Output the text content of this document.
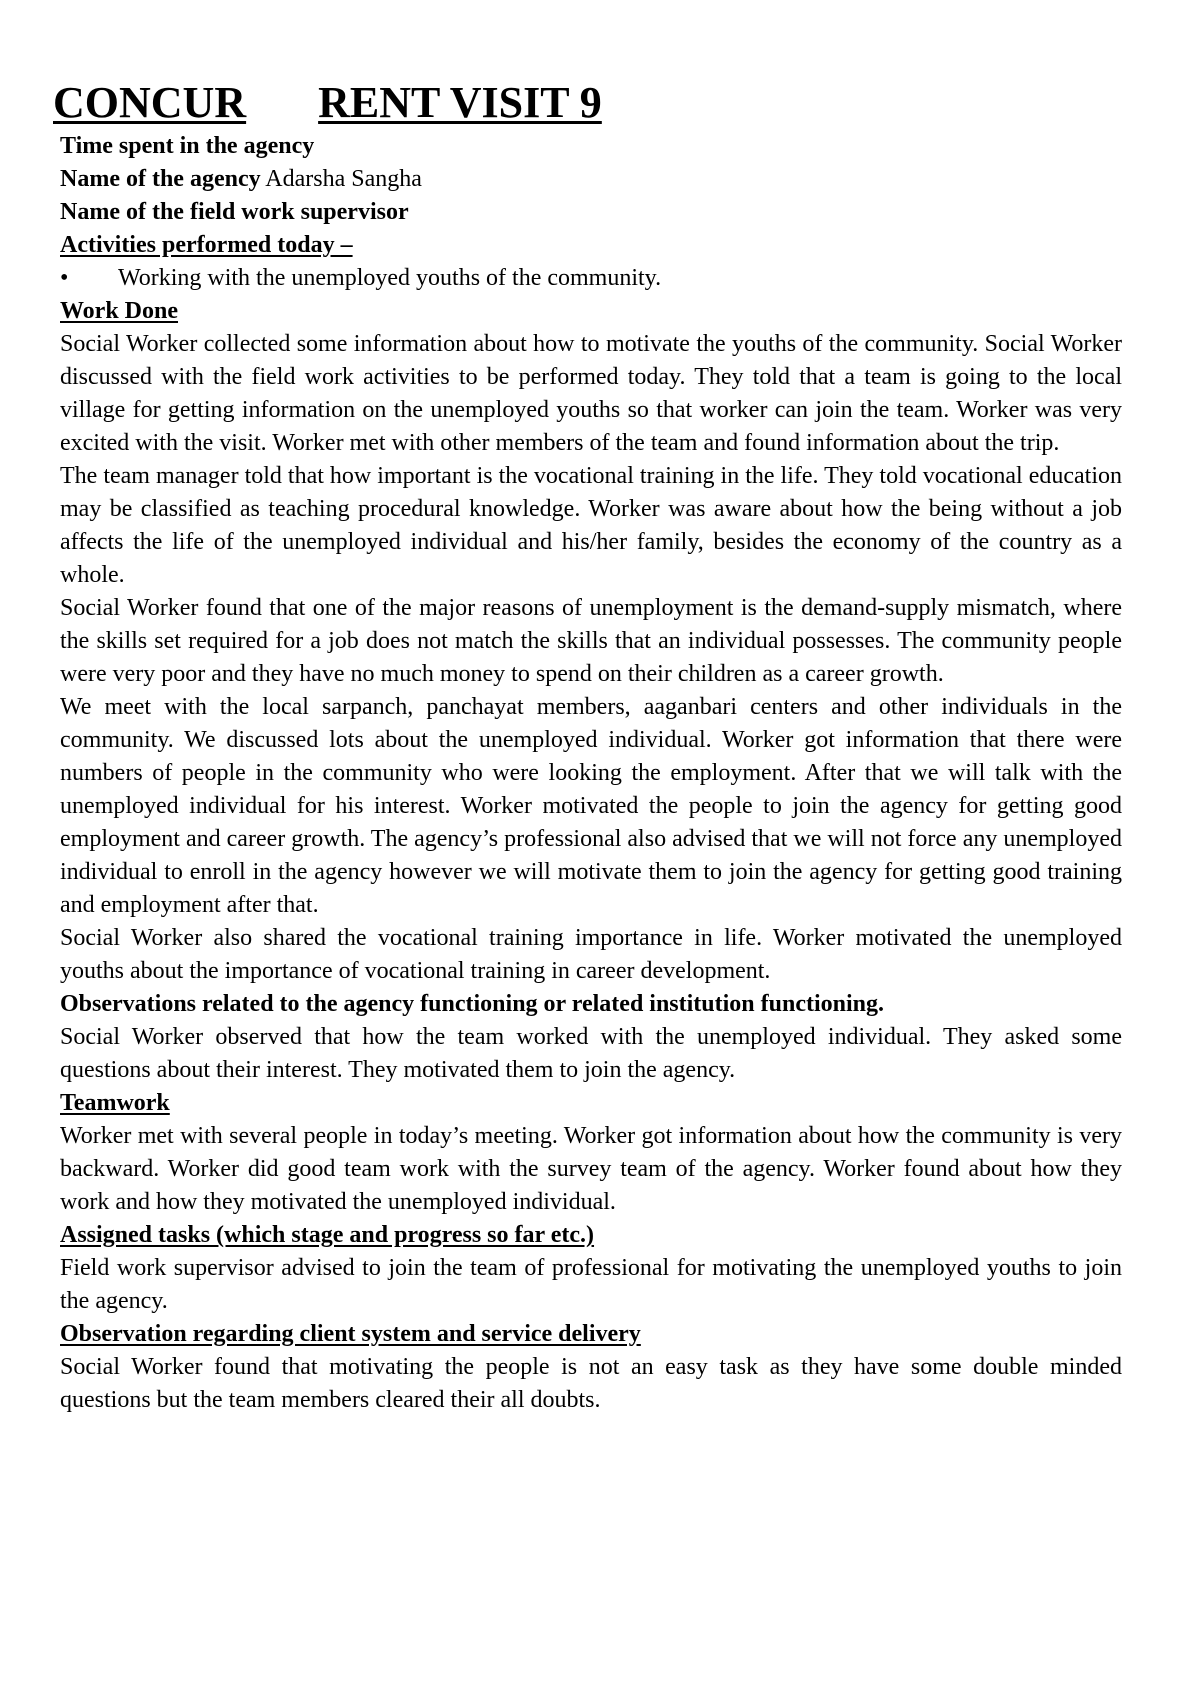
CONCUR RENT VISIT 9

Time spent in the agency

Name of the agency Adarsha Sangha

Name of the field work supervisor

Activities performed today –

•	Working with the unemployed youths of the community.

Work Done

Social Worker collected some information about how to motivate the youths of the community. Social Worker discussed with the field work activities to be performed today. They told that a team is going to the local village for getting information on the unemployed youths so that worker can join the team. Worker was very excited with the visit. Worker met with other members of the team and found information about the trip.

The team manager told that how important is the vocational training in the life. They told vocational education may be classified as teaching procedural knowledge. Worker was aware about how the being without a job affects the life of the unemployed individual and his/her family, besides the economy of the country as a whole.

Social Worker found that one of the major reasons of unemployment is the demand-supply mismatch, where the skills set required for a job does not match the skills that an individual possesses. The community people were very poor and they have no much money to spend on their children as a career growth.

We meet with the local sarpanch, panchayat members, aaganbari centers and other individuals in the community. We discussed lots about the unemployed individual. Worker got information that there were numbers of people in the community who were looking the employment. After that we will talk with the unemployed individual for his interest. Worker motivated the people to join the agency for getting good employment and career growth. The agency’s professional also advised that we will not force any unemployed individual to enroll in the agency however we will motivate them to join the agency for getting good training and employment after that.

Social Worker also shared the vocational training importance in life. Worker motivated the unemployed youths about the importance of vocational training in career development.

Observations related to the agency functioning or related institution functioning.

Social Worker observed that how the team worked with the unemployed individual. They asked some questions about their interest. They motivated them to join the agency.

Teamwork

Worker met with several people in today’s meeting. Worker got information about how the community is very backward. Worker did good team work with the survey team of the agency. Worker found about how they work and how they motivated the unemployed individual.

Assigned tasks (which stage and progress so far etc.)

Field work supervisor advised to join the team of professional for motivating the unemployed youths to join the agency.

Observation regarding client system and service delivery

Social Worker found that motivating the people is not an easy task as they have some double minded questions but the team members cleared their all doubts.
